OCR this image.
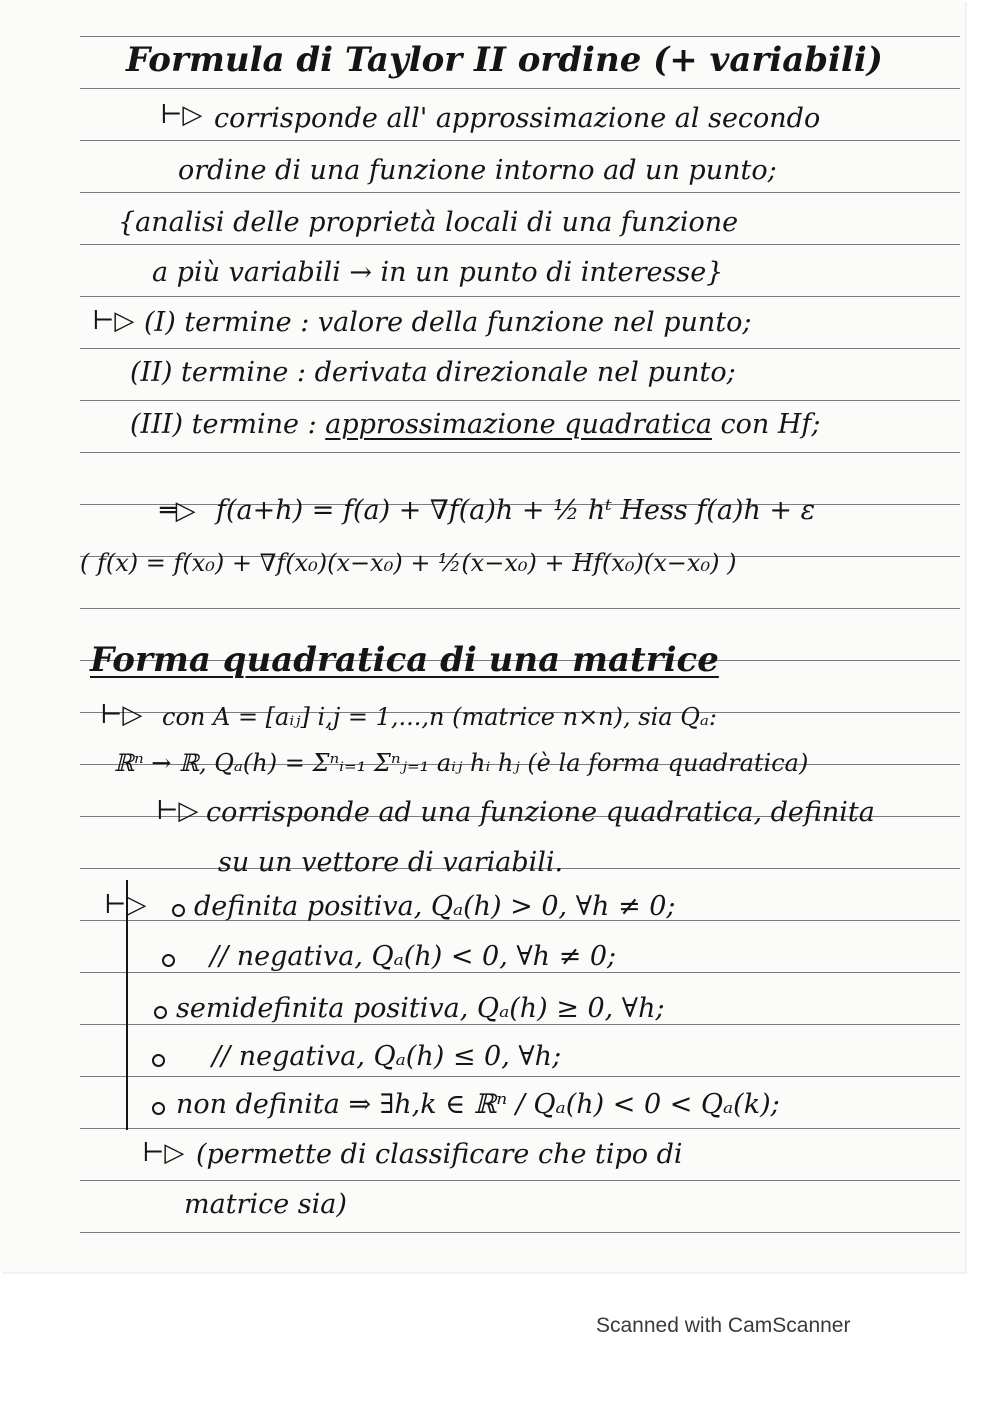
Formula di Taylor II ordine (+ variabili)
⊢▷ corrisponde all' approssimazione al secondo
ordine di una funzione intorno ad un punto;
{analisi delle proprietà locali di una funzione
a più variabili → in un punto di interesse}
⊢▷ (I) termine : valore della funzione nel punto;
(II) termine : derivata direzionale nel punto;
(III) termine : approssimazione quadratica con Hf;
═▷ f(a+h) = f(a) + ∇f(a)h + ½ hᵗ Hess f(a)h + ε
( f(x) = f(x₀) + ∇f(x₀)(x−x₀) + ½(x−x₀) + Hf(x₀)(x−x₀) )
Forma quadratica di una matrice
⊢▷ con A = [aᵢⱼ] i,j = 1,...,n (matrice n×n), sia Qₐ:
ℝⁿ → ℝ, Qₐ(h) = Σⁿᵢ₌₁ Σⁿⱼ₌₁ aᵢⱼ hᵢ hⱼ (è la forma quadratica)
⊢▷ corrisponde ad una funzione quadratica, definita
su un vettore di variabili.
⊢▷ definita positiva, Qₐ(h) > 0, ∀h ≠ 0;
// negativa, Qₐ(h) < 0, ∀h ≠ 0;
semidefinita positiva, Qₐ(h) ≥ 0, ∀h;
// negativa, Qₐ(h) ≤ 0, ∀h;
non definita ⇒ ∃h,k ∈ ℝⁿ / Qₐ(h) < 0 < Qₐ(k);
⊢▷ (permette di classificare che tipo di
matrice sia)
Scanned with CamScanner
